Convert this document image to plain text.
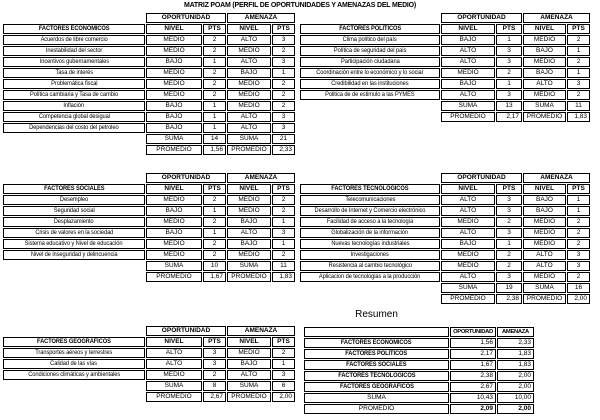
MATRIZ POAM (PERFIL DE OPORTUNIDADES Y AMENAZAS DEL MEDIO)
	OPORTUNIDAD		AMENAZA	
FACTORES ECONOMICOS	NIVEL	PTS	NIVEL	PTS
Acuerdos de libre comercio	MEDIO	2	ALTO	3
Inestabilidad del sector	MEDIO	2	MEDIO	2
Incentivos gubernamentales	BAJO	1	ALTO	3
Tasa de interés	MEDIO	2	BAJO	1
Problemática fiscal	MEDIO	2	MEDIO	2
Política cambiaria y Tasa de cambio	MEDIO	2	MEDIO	2
Inflación	BAJO	1	MEDIO	2
Competencia global desigual	BAJO	1	ALTO	3
Dependencias del costo del petroleo	BAJO	1	ALTO	3
	SUMA	14	SUMA	21
	PROMEDIO	1,56	PROMEDIO	2,33
	OPORTUNIDAD		AMENAZA	
FACTORES POLITICOS	NIVEL	PTS	NIVEL	PTS
Clima político del país	BAJO	1	MEDIO	2
Política de seguridad del país	ALTO	3	BAJO	1
Participación ciudadana	ALTO	3	MEDIO	2
Coordinación entre lo económico y lo social	MEDIO	2	BAJO	1
Credibilidad en las instituciones	BAJO	1	ALTO	3
Politica de de estimulo a las PYMES	ALTO	3	MEDIO	2
	SUMA	13	SUMA	11
	PROMEDIO	2,17	PROMEDIO	1,83
	OPORTUNIDAD		AMENAZA	
FACTORES SOCIALES	NIVEL	PTS	NIVEL	PTS
Desempleo	MEDIO	2	MEDIO	2
Seguridad social	BAJO	1	MEDIO	2
Desplazamiento	MEDIO	2	BAJO	1
Crisis de valores en la sociedad	BAJO	1	ALTO	3
Sistema educativo y Nivel de educación	MEDIO	2	BAJO	1
Nivel de inseguridad y delincuencia	MEDIO	2	MEDIO	2
	SUMA	10	SUMA	11
	PROMEDIO	1,67	PROMEDIO	1,83
	OPORTUNIDAD		AMENAZA	
FACTORES TECNOLOGICOS	NIVEL	PTS	NIVEL	PTS
Telecomunicaciones	ALTO	3	BAJO	1
Desarrollo de Internet y Comercio electrónico	ALTO	3	BAJO	1
Facilidad de acceso a la tecnología	MEDIO	2	MEDIO	2
Globalización de la información	ALTO	3	MEDIO	2
Nuevas tecnologías industriales	BAJO	1	MEDIO	2
Investigaciones	MEDIO	2	ALTO	3
Resistencia al cambio tecnológico	MEDIO	2	ALTO	3
Aplicacion de tecnologias a la producción	ALTO	3	MEDIO	2
	SUMA	19	SUMA	16
	PROMEDIO	2,38	PROMEDIO	2,00
	OPORTUNIDAD		AMENAZA	
FACTORES GEOGRAFICOS	NIVEL	PTS	NIVEL	PTS
Transportes aéreos y terrestres	ALTO	3	MEDIO	2
Calidad de las vías	ALTO	3	BAJO	1
Condiciones climáticas y ambientales	MEDIO	2	ALTO	3
	SUMA	8	SUMA	6
	PROMEDIO	2,67	PROMEDIO	2,00
Resumen
	OPORTUNIDAD	AMENAZA
FACTORES ECONOMICOS	1,56	2,33
FACTORES POLITICOS	2,17	1,83
FACTORES SOCIALES	1,67	1,83
FACTORES TECNOLOGICOS	2,38	2,00
FACTORES GEOGRAFICOS	2,67	2,00
SUMA	10,43	10,00
PROMEDIO	2,09	2,00
